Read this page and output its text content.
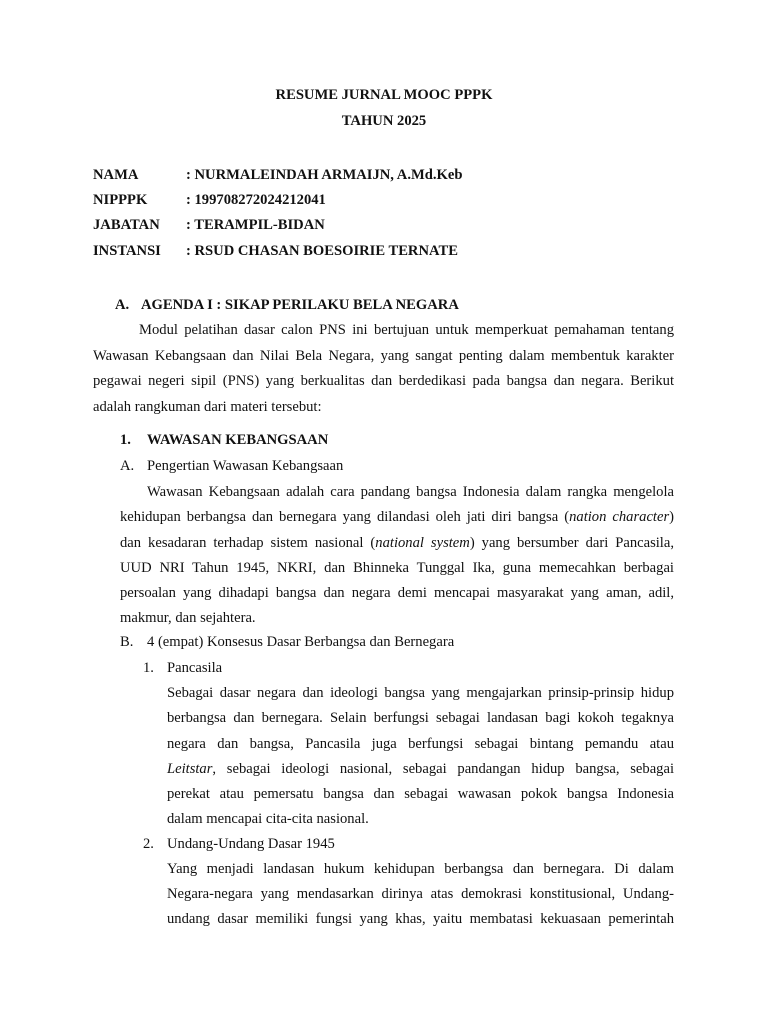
RESUME JURNAL MOOC PPPK
TAHUN 2025
NAMA	: NURMALEINDAH ARMAIJN, A.Md.Keb
NIPPPK	: 199708272024212041
JABATAN : TERAMPIL-BIDAN
INSTANSI : RSUD CHASAN BOESOIRIE TERNATE
A. AGENDA I : SIKAP PERILAKU BELA NEGARA
Modul pelatihan dasar calon PNS ini bertujuan untuk memperkuat pemahaman tentang
Wawasan Kebangsaan dan Nilai Bela Negara, yang sangat penting dalam membentuk karakter
pegawai negeri sipil (PNS) yang berkualitas dan berdedikasi pada bangsa dan negara. Berikut
adalah rangkuman dari materi tersebut:
1. WAWASAN KEBANGSAAN
A. Pengertian Wawasan Kebangsaan
Wawasan Kebangsaan adalah cara pandang bangsa Indonesia dalam rangka mengelola
kehidupan berbangsa dan bernegara yang dilandasi oleh jati diri bangsa (nation character)
dan kesadaran terhadap sistem nasional (national system) yang bersumber dari Pancasila,
UUD NRI Tahun 1945, NKRI, dan Bhinneka Tunggal Ika, guna memecahkan berbagai
persoalan yang dihadapi bangsa dan negara demi mencapai masyarakat yang aman, adil,
makmur, dan sejahtera.
B. 4 (empat) Konsesus Dasar Berbangsa dan Bernegara
1. Pancasila
Sebagai dasar negara dan ideologi bangsa yang mengajarkan prinsip-prinsip hidup
berbangsa dan bernegara. Selain berfungsi sebagai landasan bagi kokoh tegaknya
negara dan bangsa, Pancasila juga berfungsi sebagai bintang pemandu atau
Leitstar, sebagai ideologi nasional, sebagai pandangan hidup bangsa, sebagai
perekat atau pemersatu bangsa dan sebagai wawasan pokok bangsa Indonesia
dalam mencapai cita-cita nasional.
2. Undang-Undang Dasar 1945
Yang menjadi landasan hukum kehidupan berbangsa dan bernegara. Di dalam
Negara-negara yang mendasarkan dirinya atas demokrasi konstitusional, Undang-
undang dasar memiliki fungsi yang khas, yaitu membatasi kekuasaan pemerintah
